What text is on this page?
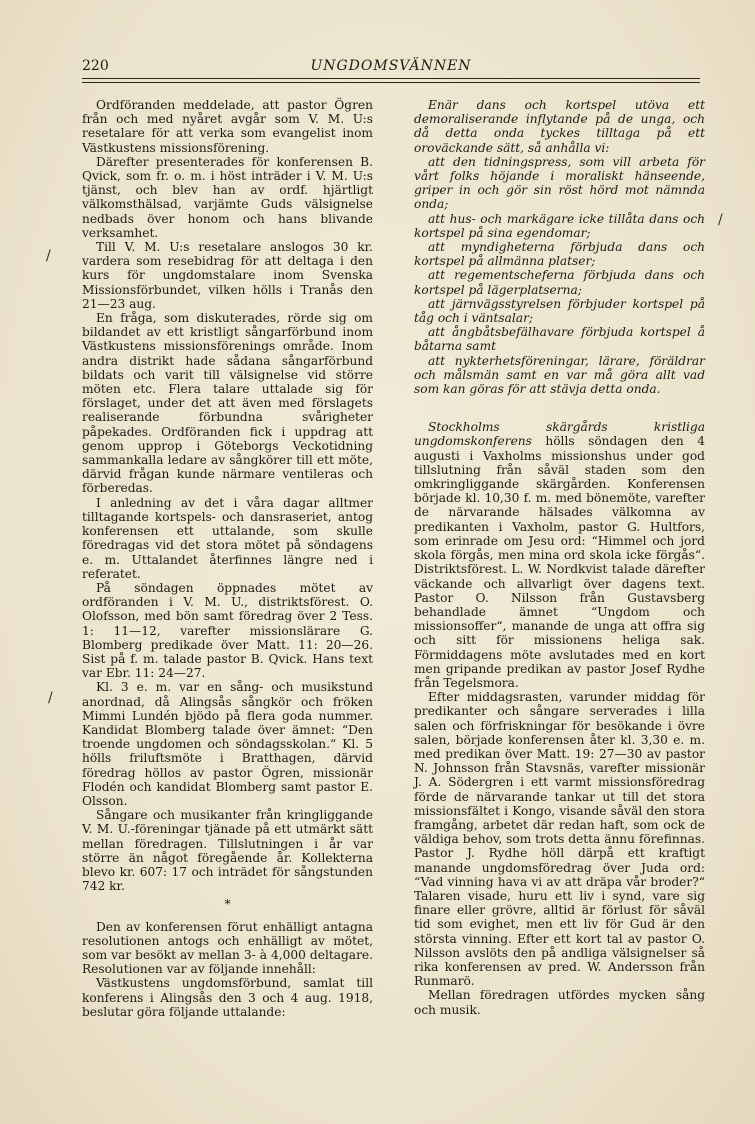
220	UNGDOMSVÄNNEN
/
/
/

Ordföranden meddelade, att pastor Ögren från och med nyåret avgår som V. M. U:s resetalare för att verka som evangelist inom Västkustens missionsförening.

Därefter presenterades för konferensen B. Qvick, som fr. o. m. i höst inträder i V. M. U:s tjänst, och blev han av ordf. hjärtligt välkomsthälsad, varjämte Guds välsignelse nedbads över honom och hans blivande verksamhet.

Till V. M. U:s resetalare anslogos 30 kr. vardera som resebidrag för att deltaga i den kurs för ungdomstalare inom Svenska Missionsförbundet, vilken hölls i Tranås den 21—23 aug.

En fråga, som diskuterades, rörde sig om bildandet av ett kristligt sångarförbund inom Västkustens missionsförenings område. Inom andra distrikt hade sådana sångarförbund bildats och varit till välsignelse vid större möten etc. Flera talare uttalade sig för förslaget, under det att även med förslagets realiserande förbundna svårigheter påpekades. Ordföranden fick i uppdrag att genom upprop i Göteborgs Veckotidning sammankalla ledare av sångkörer till ett möte, därvid frågan kunde närmare ventileras och förberedas.

I anledning av det i våra dagar alltmer tilltagande kortspels- och dansraseriet, antog konferensen ett uttalande, som skulle föredragas vid det stora mötet på söndagens e. m. Uttalandet återfinnes längre ned i referatet.

På söndagen öppnades mötet av ordföranden i V. M. U., distriktsförest. O. Olofsson, med bön samt föredrag över 2 Tess. 1: 11—12, varefter missionslärare G. Blomberg predikade över Matt. 11: 20—26. Sist på f. m. talade pastor B. Qvick. Hans text var Ebr. 11: 24—27.

Kl. 3 e. m. var en sång- och musikstund anordnad, då Alingsås sångkör och fröken Mimmi Lundén bjödo på flera goda nummer. Kandidat Blomberg talade över ämnet: “Den troende ungdomen och söndagsskolan.“ Kl. 5 hölls friluftsmöte i Bratthagen, därvid föredrag höllos av pastor Ögren, missionär Flodén och kandidat Blomberg samt pastor E. Olsson.

Sångare och musikanter från kringliggande V. M. U.-föreningar tjänade på ett utmärkt sätt mellan föredragen. Tillslutningen i år var större än något föregående år. Kollekterna blevo kr. 607: 17 och inträdet för sångstunden 742 kr.

*

Den av konferensen förut enhälligt antagna resolutionen antogs och enhälligt av mötet, som var besökt av mellan 3- à 4,000 deltagare. Resolutionen var av följande innehåll:

Västkustens ungdomsförbund, samlat till konferens i Alingsås den 3 och 4 aug. 1918, beslutar göra följande uttalande:

Enär dans och kortspel utöva ett demoraliserande inflytande på de unga, och då detta onda tyckes tilltaga på ett oroväckande sätt, så anhålla vi:

att den tidningspress, som vill arbeta för vårt folks höjande i moraliskt hänseende, griper in och gör sin röst hörd mot nämnda onda;

att hus- och markägare icke tillåta dans och kortspel på sina egendomar;

att myndigheterna förbjuda dans och kortspel på allmänna platser;

att regementscheferna förbjuda dans och kortspel på lägerplatserna;

att järnvägsstyrelsen förbjuder kortspel på tåg och i väntsalar;

att ångbåtsbefälhavare förbjuda kortspel å båtarna samt

att nykterhetsföreningar, lärare, föräldrar och målsmän samt en var må göra allt vad som kan göras för att stävja detta onda.

Stockholms skärgårds kristliga ungdomskonferens hölls söndagen den 4 augusti i Vaxholms missionshus under god tillslutning från såväl staden som den omkringliggande skärgården. Konferensen började kl. 10,30 f. m. med bönemöte, varefter de närvarande hälsades välkomna av predikanten i Vaxholm, pastor G. Hultfors, som erinrade om Jesu ord: “Himmel och jord skola förgås, men mina ord skola icke förgås“. Distriktsförest. L. W. Nordkvist talade därefter väckande och allvarligt över dagens text. Pastor O. Nilsson från Gustavsberg behandlade ämnet “Ungdom och missionsoffer“, manande de unga att offra sig och sitt för missionens heliga sak. Förmiddagens möte avslutades med en kort men gripande predikan av pastor Josef Rydhe från Tegelsmora.

Efter middagsrasten, varunder middag för predikanter och sångare serverades i lilla salen och förfriskningar för besökande i övre salen, började konferensen åter kl. 3,30 e. m. med predikan över Matt. 19: 27—30 av pastor N. Johnsson från Stavsnäs, varefter missionär J. A. Södergren i ett varmt missionsföredrag förde de närvarande tankar ut till det stora missionsfältet i Kongo, visande såväl den stora framgång, arbetet där redan haft, som ock de väldiga behov, som trots detta ännu förefinnas. Pastor J. Rydhe höll därpå ett kraftigt manande ungdomsföredrag över Juda ord: “Vad vinning hava vi av att dräpa vår broder?“ Talaren visade, huru ett liv i synd, vare sig finare eller grövre, alltid är förlust för såväl tid som evighet, men ett liv för Gud är den största vinning. Efter ett kort tal av pastor O. Nilsson avslöts den på andliga välsignelser så rika konferensen av pred. W. Andersson från Runmarö.

Mellan föredragen utfördes mycken sång och musik.
